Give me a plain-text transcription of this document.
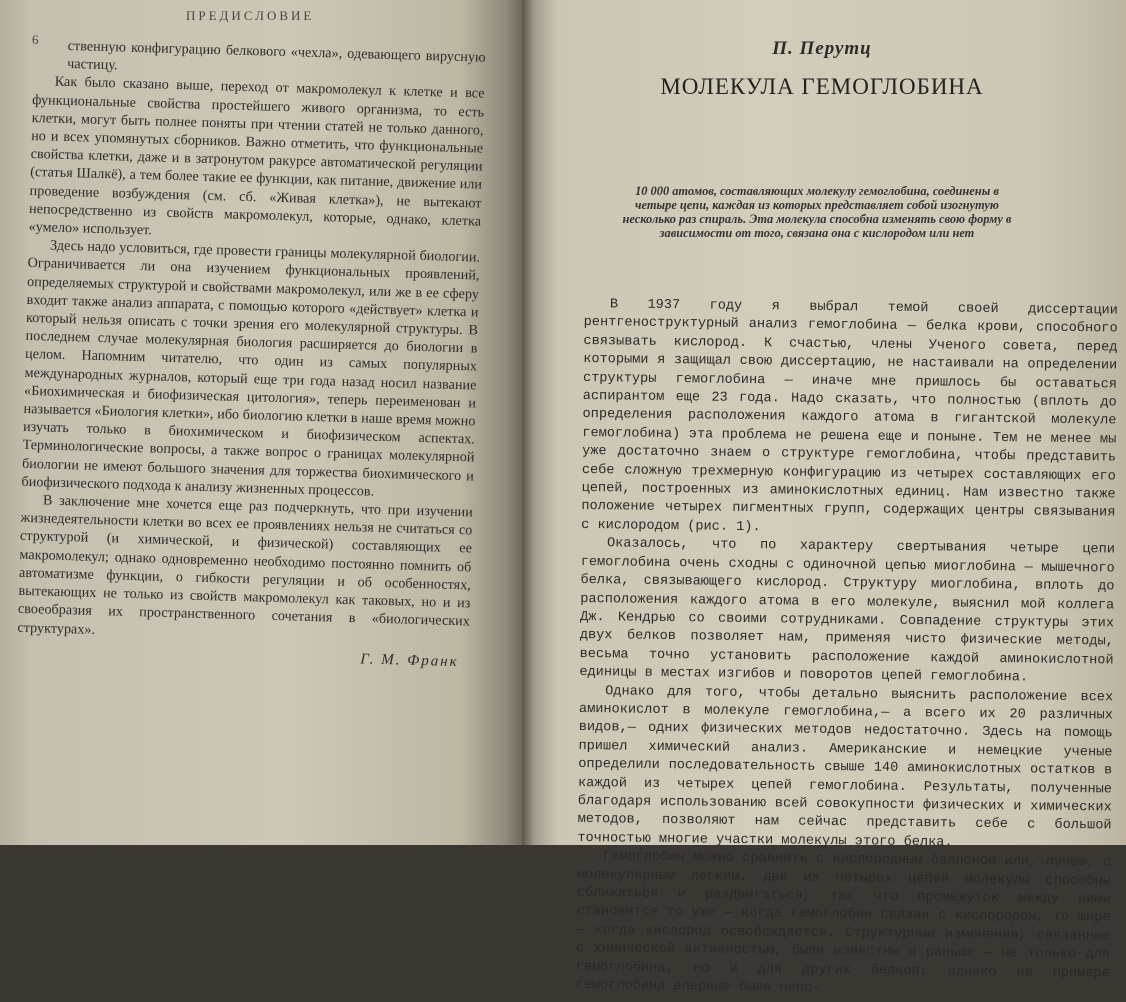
ПРЕДИСЛОВИЕ
6	ственную конфигурацию белкового «чехла», одевающего вирусную частицу.

Как было сказано выше, переход от макромолекул к клетке и все функциональные свойства простейшего живого организма, то есть клетки, могут быть полнее поняты при чтении статей не только данного, но и всех упомянутых сборников. Важно отметить, что функциональные свойства клетки, даже и в затронутом ракурсе автоматической регуляции (статья Шалкё), а тем более такие ее функции, как питание, движение или проведение возбуждения (см. сб. «Живая клетка»), не вытекают непосредственно из свойств макромолекул, которые, однако, клетка «умело» использует.

Здесь надо условиться, где провести границы молекулярной биологии. Ограничивается ли она изучением функциональных проявлений, определяемых структурой и свойствами макромолекул, или же в ее сферу входит также анализ аппарата, с помощью которого «действует» клетка и который нельзя описать с точки зрения его молекулярной структуры. В последнем случае молекулярная биология расширяется до биологии в целом. Напомним читателю, что один из самых популярных международных журналов, который еще три года назад носил название «Биохимическая и биофизическая цитология», теперь переименован и называется «Биология клетки», ибо биологию клетки в наше время можно изучать только в биохимическом и биофизическом аспектах. Терминологические вопросы, а также вопрос о границах молекулярной биологии не имеют большого значения для торжества биохимического и биофизического подхода к анализу жизненных процессов.

В заключение мне хочется еще раз подчеркнуть, что при изучении жизнедеятельности клетки во всех ее проявлениях нельзя не считаться со структурой (и химической, и физической) составляющих ее макромолекул; однако одновременно необходимо постоянно помнить об автоматизме функции, о гибкости регуляции и об особенностях, вытекающих не только из свойств макромолекул как таковых, но и из своеобразия их пространственного сочетания в «биологических структурах».

Г. М. Франк
П. Перутц
МОЛЕКУЛА ГЕМОГЛОБИНА
10 000 атомов, составляющих молекулу гемоглобина, соединены в четыре цепи, каждая из которых представляет собой изогнутую несколько раз спираль. Эта молекула способна изменять свою форму в зависимости от того, связана она с кислородом или нет

В 1937 году я выбрал темой своей диссертации рентгеноструктурный анализ гемоглобина — белка крови, способного связывать кислород. К счастью, члены Ученого совета, перед которыми я защищал свою диссертацию, не настаивали на определении структуры гемоглобина — иначе мне пришлось бы оставаться аспирантом еще 23 года. Надо сказать, что полностью (вплоть до определения расположения каждого атома в гигантской молекуле гемоглобина) эта проблема не решена еще и поныне. Тем не менее мы уже достаточно знаем о структуре гемоглобина, чтобы представить себе сложную трехмерную конфигурацию из четырех составляющих его цепей, построенных из аминокислотных единиц. Нам известно также положение четырех пигментных групп, содержащих центры связывания с кислородом (рис. 1).

Оказалось, что по характеру свертывания четыре цепи гемоглобина очень сходны с одиночной цепью миоглобина — мышечного белка, связывающего кислород. Структуру миоглобина, вплоть до расположения каждого атома в его молекуле, выяснил мой коллега Дж. Кендрью со своими сотрудниками. Совпадение структуры этих двух белков позволяет нам, применяя чисто физические методы, весьма точно установить расположение каждой аминокислотной единицы в местах изгибов и поворотов цепей гемоглобина.

Однако для того, чтобы детально выяснить расположение всех аминокислот в молекуле гемоглобина,— а всего их 20 различных видов,— одних физических методов недостаточно. Здесь на помощь пришел химический анализ. Американские и немецкие ученые определили последовательность свыше 140 аминокислотных остатков в каждой из четырех цепей гемоглобина. Результаты, полученные благодаря использованию всей совокупности физических и химических методов, позволяют нам сейчас представить себе с большой точностью многие участки молекулы этого белка.

Гемоглобин можно сравнить с кислородным баллоном или, лучше, с молекулярным легким. Две из четырех цепей молекулы способны сближаться и раздвигаться, так что промежуток между ними становится то уже — когда гемоглобин связан с кислородом, то шире — когда кислород освобождается. Структурные изменения, связанные с химической активностью, были известны и раньше — не только для гемоглобина, но и для других белков; однако на примере гемоглобина впервые была непо-
